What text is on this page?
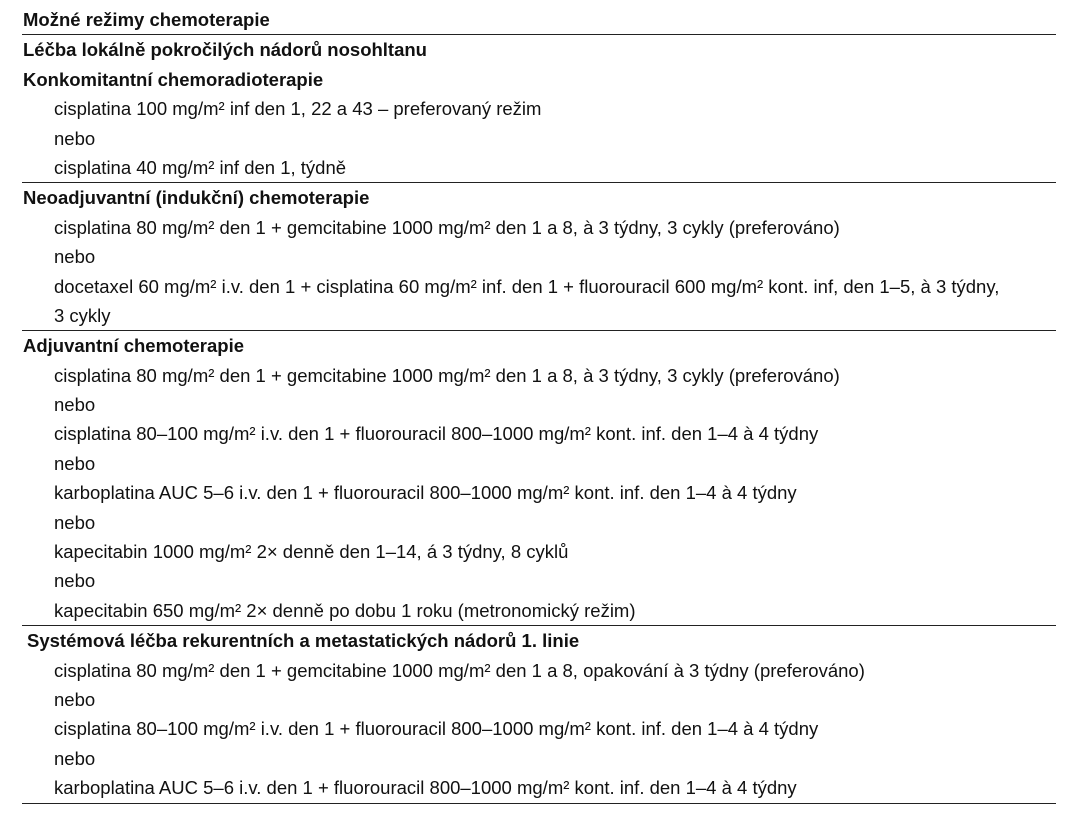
Možné režimy chemoterapie
Léčba lokálně pokročilých nádorů nosohltanu
Konkomitantní chemoradioterapie
cisplatina 100 mg/m² inf den 1, 22 a 43 – preferovaný režim
nebo
cisplatina 40 mg/m² inf den 1, týdně
Neoadjuvantní (indukční) chemoterapie
cisplatina 80 mg/m² den 1 + gemcitabine 1000 mg/m² den 1 a 8, à 3 týdny, 3 cykly (preferováno)
nebo
docetaxel 60 mg/m² i.v. den 1 + cisplatina 60 mg/m² inf. den 1 + fluorouracil 600 mg/m² kont. inf, den 1–5, à 3 týdny,
3 cykly
Adjuvantní chemoterapie
cisplatina 80 mg/m² den 1 + gemcitabine 1000 mg/m² den 1 a 8, à 3 týdny, 3 cykly (preferováno)
nebo
cisplatina 80–100 mg/m² i.v. den 1 + fluorouracil 800–1000 mg/m² kont. inf. den 1–4 à 4 týdny
nebo
karboplatina AUC 5–6 i.v. den 1 + fluorouracil 800–1000 mg/m² kont. inf. den 1–4 à 4 týdny
nebo
kapecitabin 1000 mg/m² 2× denně den 1–14, á 3 týdny, 8 cyklů
nebo
kapecitabin 650 mg/m² 2× denně po dobu 1 roku (metronomický režim)
Systémová léčba rekurentních a metastatických nádorů 1. linie
cisplatina 80 mg/m² den 1 + gemcitabine 1000 mg/m² den 1 a 8, opakování à 3 týdny (preferováno)
nebo
cisplatina 80–100 mg/m² i.v. den 1 + fluorouracil 800–1000 mg/m² kont. inf. den 1–4 à 4 týdny
nebo
karboplatina AUC 5–6 i.v. den 1 + fluorouracil 800–1000 mg/m² kont. inf. den 1–4 à 4 týdny
